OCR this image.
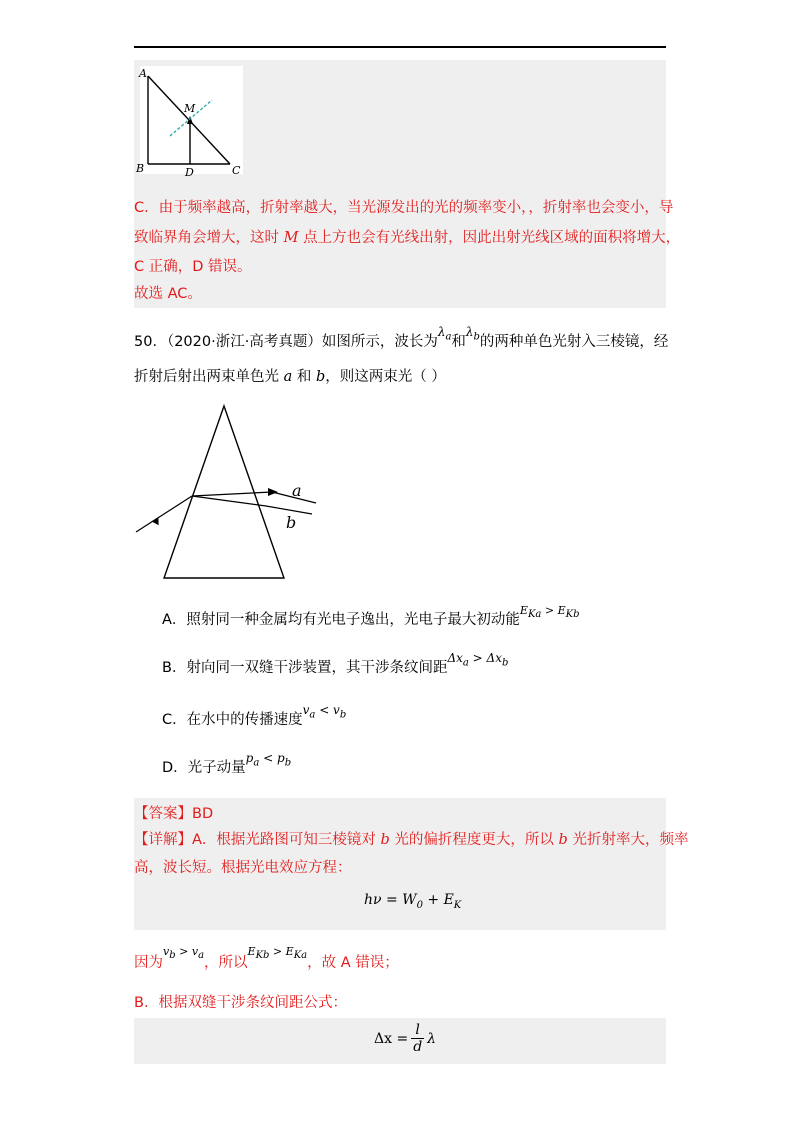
A
B	C
D
M
C．由于频率越高，折射率越大，当光源发出的光的频率变小，，折射率也会变小，导
致临界角会增大，这时 M 点上方也会有光线出射，因此出射光线区域的面积将增大，
C 正确，D 错误。
故选 AC。
50．（2020·浙江·高考真题）如图所示，波长为$^{\lambda_a}$和$^{\lambda_b}$的两种单色光射入三棱镜，经
折射后射出两束单色光 a 和 b，则这两束光（ ）
a
b
A．照射同一种金属均有光电子逸出，光电子最大初动能$^{E_{Ka} > E_{Kb}}$
B．射向同一双缝干涉装置，其干涉条纹间距$^{\Delta x_a > \Delta x_b}$
C．在水中的传播速度$^{v_a < v_b}$
D．光子动量$^{p_a < p_b}$
【答案】BD
【详解】A．根据光路图可知三棱镜对 b 光的偏折程度更大，所以 b 光折射率大，频率
高，波长短。根据光电效应方程：
$h\nu = W_0 + E_K$
因为$^{v_b > v_a}$，所以$^{E_{Kb} > E_{Ka}}$，故 A 错误；
B．根据双缝干涉条纹间距公式：
$\Delta x = \frac{l}{d}$ λ
